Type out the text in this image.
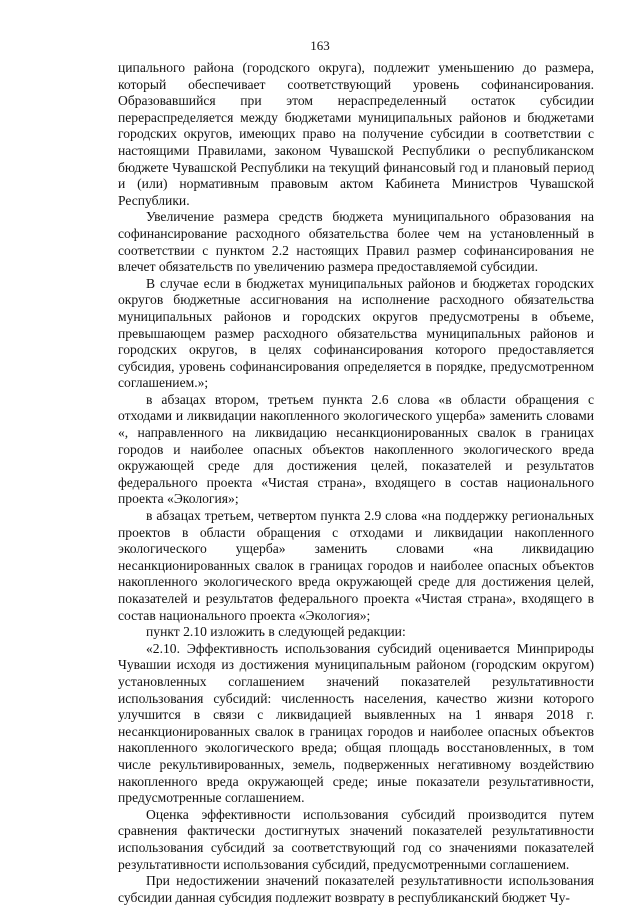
163

ципального района (городского округа), подлежит уменьшению до размера, который обеспечивает соответствующий уровень софинансирования. Образовавшийся при этом нераспределенный остаток субсидии перераспределяется между бюджетами муниципальных районов и бюджетами городских округов, имеющих право на получение субсидии в соответствии с настоящими Правилами, законом Чувашской Республики о республиканском бюджете Чувашской Республики на текущий финансовый год и плановый период и (или) нормативным правовым актом Кабинета Министров Чувашской Республики.

Увеличение размера средств бюджета муниципального образования на софинансирование расходного обязательства более чем на установленный в соответствии с пунктом 2.2 настоящих Правил размер софинансирования не влечет обязательств по увеличению размера предоставляемой субсидии.

В случае если в бюджетах муниципальных районов и бюджетах городских округов бюджетные ассигнования на исполнение расходного обязательства муниципальных районов и городских округов предусмотрены в объеме, превышающем размер расходного обязательства муниципальных районов и городских округов, в целях софинансирования которого предоставляется субсидия, уровень софинансирования определяется в порядке, предусмотренном соглашением.»;

в абзацах втором, третьем пункта 2.6 слова «в области обращения с отходами и ликвидации накопленного экологического ущерба» заменить словами «, направленного на ликвидацию несанкционированных свалок в границах городов и наиболее опасных объектов накопленного экологического вреда окружающей среде для достижения целей, показателей и результатов федерального проекта «Чистая страна», входящего в состав национального проекта «Экология»;

в абзацах третьем, четвертом пункта 2.9 слова «на поддержку региональных проектов в области обращения с отходами и ликвидации накопленного экологического ущерба» заменить словами «на ликвидацию несанкционированных свалок в границах городов и наиболее опасных объектов накопленного экологического вреда окружающей среде для достижения целей, показателей и результатов федерального проекта «Чистая страна», входящего в состав национального проекта «Экология»;

пункт 2.10 изложить в следующей редакции:

«2.10. Эффективность использования субсидий оценивается Минприроды Чувашии исходя из достижения муниципальным районом (городским округом) установленных соглашением значений показателей результативности использования субсидий: численность населения, качество жизни которого улучшится в связи с ликвидацией выявленных на 1 января 2018 г. несанкционированных свалок в границах городов и наиболее опасных объектов накопленного экологического вреда; общая площадь восстановленных, в том числе рекультивированных, земель, подверженных негативному воздействию накопленного вреда окружающей среде; иные показатели результативности, предусмотренные соглашением.

Оценка эффективности использования субсидий производится путем сравнения фактически достигнутых значений показателей результативности использования субсидий за соответствующий год со значениями показателей результативности использования субсидий, предусмотренными соглашением.

При недостижении значений показателей результативности использования субсидии данная субсидия подлежит возврату в республиканский бюджет Чу-
